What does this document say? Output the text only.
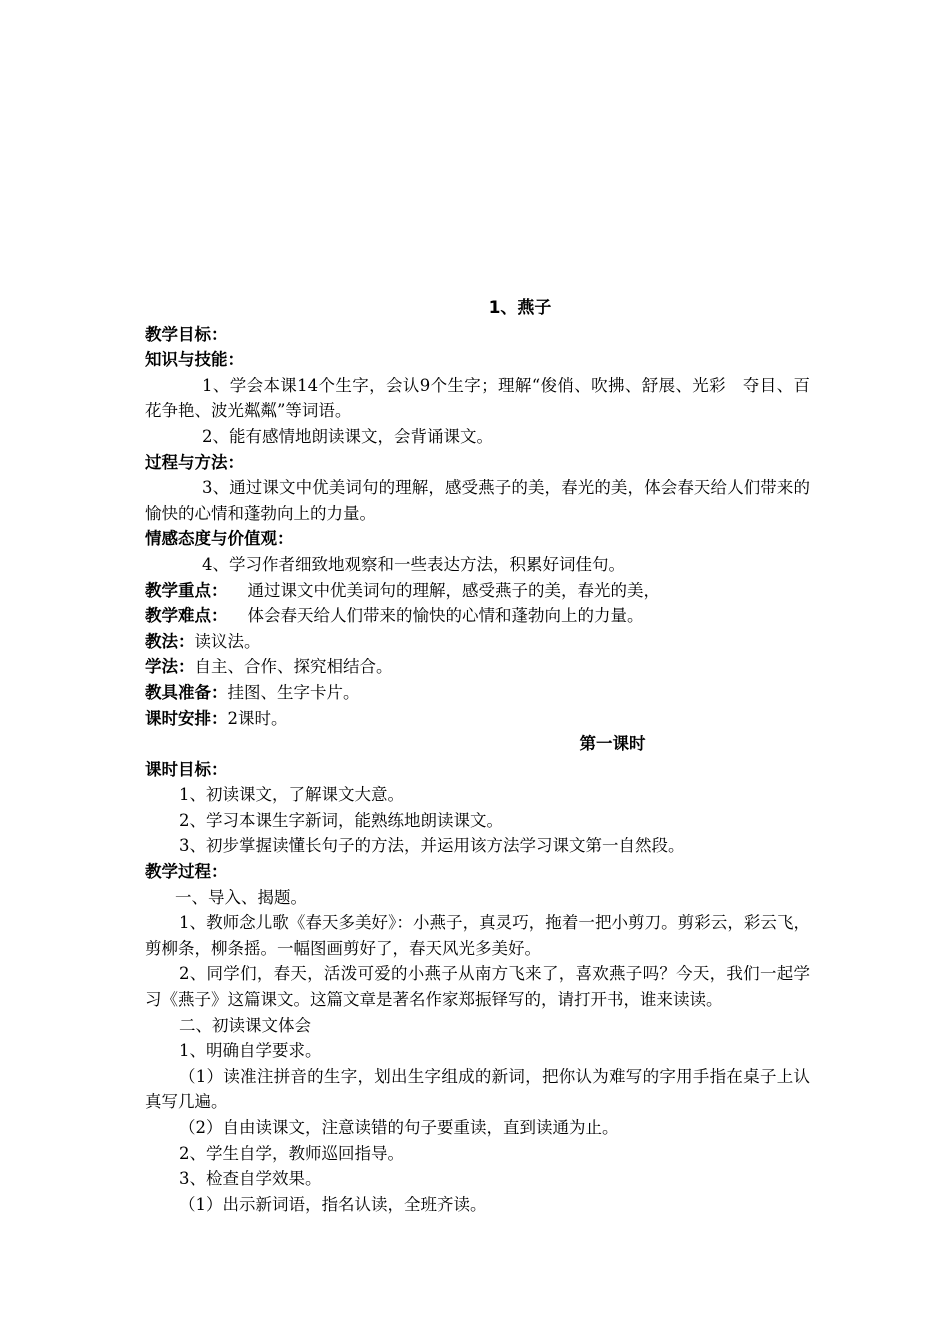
1、燕子
教学目标：
知识与技能：
1、学会本课14个生字，会认9个生字；理解“俊俏、吹拂、舒展、光彩　夺目、百花争艳、波光粼粼”等词语。
2、能有感情地朗读课文，会背诵课文。
过程与方法：
3、通过课文中优美词句的理解，感受燕子的美，春光的美，体会春天给人们带来的愉快的心情和蓬勃向上的力量。
情感态度与价值观：
4、学习作者细致地观察和一些表达方法，积累好词佳句。
教学重点： 通过课文中优美词句的理解，感受燕子的美，春光的美，
教学难点： 体会春天给人们带来的愉快的心情和蓬勃向上的力量。
教法：读议法。
学法：自主、合作、探究相结合。
教具准备：挂图、生字卡片。
课时安排：2课时。
第一课时
课时目标：
1、初读课文，了解课文大意。
2、学习本课生字新词，能熟练地朗读课文。
3、初步掌握读懂长句子的方法，并运用该方法学习课文第一自然段。
教学过程：
一、导入、揭题。
1、教师念儿歌《春天多美好》：小燕子，真灵巧，拖着一把小剪刀。剪彩云，彩云飞，剪柳条，柳条摇。一幅图画剪好了，春天风光多美好。
2、同学们，春天，活泼可爱的小燕子从南方飞来了，喜欢燕子吗？今天，我们一起学习《燕子》这篇课文。这篇文章是著名作家郑振铎写的，请打开书，谁来读读。
二、初读课文体会
1、明确自学要求。
（1）读准注拼音的生字，划出生字组成的新词，把你认为难写的字用手指在桌子上认真写几遍。
（2）自由读课文，注意读错的句子要重读，直到读通为止。
2、学生自学，教师巡回指导。
3、检查自学效果。
（1）出示新词语，指名认读，全班齐读。
